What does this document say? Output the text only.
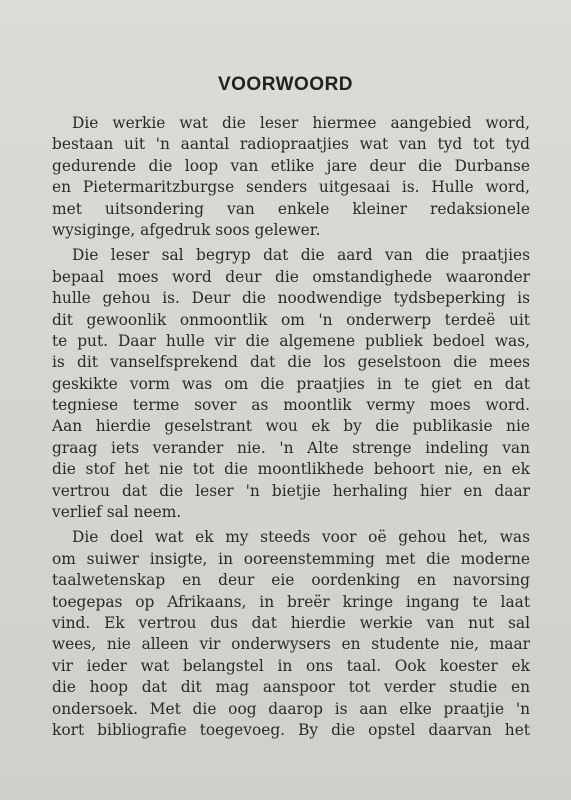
VOORWOORD
Die werkie wat die leser hiermee aangebied word,
bestaan uit 'n aantal radiopraatjies wat van tyd tot tyd
gedurende die loop van etlike jare deur die Durbanse
en Pietermaritzburgse senders uitgesaai is. Hulle word,
met uitsondering van enkele kleiner redaksionele
wysiginge, afgedruk soos gelewer.
Die leser sal begryp dat die aard van die praatjies
bepaal moes word deur die omstandighede waaronder
hulle gehou is. Deur die noodwendige tydsbeperking is
dit gewoonlik onmoontlik om 'n onderwerp terdeë uit
te put. Daar hulle vir die algemene publiek bedoel was,
is dit vanselfsprekend dat die los geselstoon die mees
geskikte vorm was om die praatjies in te giet en dat
tegniese terme sover as moontlik vermy moes word.
Aan hierdie geselstrant wou ek by die publikasie nie
graag iets verander nie. 'n Alte strenge indeling van
die stof het nie tot die moontlikhede behoort nie, en ek
vertrou dat die leser 'n bietjie herhaling hier en daar
verlief sal neem.
Die doel wat ek my steeds voor oë gehou het, was
om suiwer insigte, in ooreenstemming met die moderne
taalwetenskap en deur eie oordenking en navorsing
toegepas op Afrikaans, in breër kringe ingang te laat
vind. Ek vertrou dus dat hierdie werkie van nut sal
wees, nie alleen vir onderwysers en studente nie, maar
vir ieder wat belangstel in ons taal. Ook koester ek
die hoop dat dit mag aanspoor tot verder studie en
ondersoek. Met die oog daarop is aan elke praatjie 'n
kort bibliografie toegevoeg. By die opstel daarvan het
